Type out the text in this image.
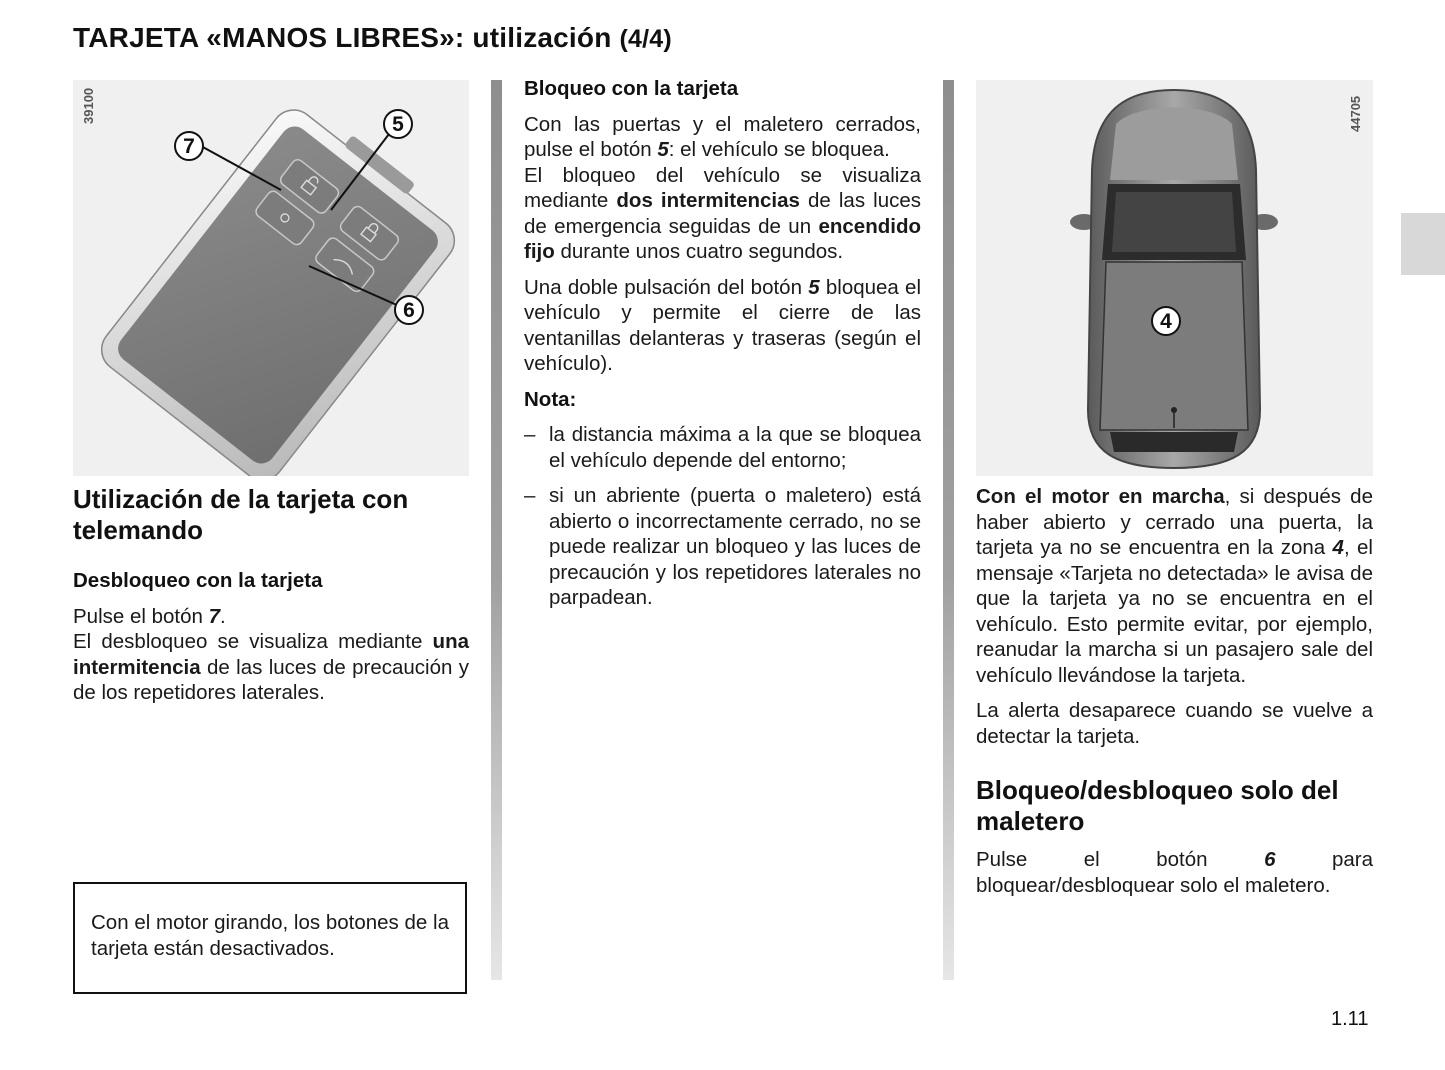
TARJETA «MANOS LIBRES»: utilización (4/4)
39100
7
5
6
Utilización de la tarjeta con telemando
Desbloqueo con la tarjeta

Pulse el botón 7.

El desbloqueo se visualiza mediante una intermitencia de las luces de precaución y de los repetidores laterales.

Con el motor girando, los botones de la tarjeta están desactivados.
Bloqueo con la tarjeta

Con las puertas y el maletero cerrados, pulse el botón 5: el vehículo se bloquea.

El bloqueo del vehículo se visualiza mediante dos intermitencias de las luces de emergencia seguidas de un encendido fijo durante unos cuatro segundos.

Una doble pulsación del botón 5 bloquea el vehículo y permite el cierre de las ventanillas delanteras y traseras (según el vehículo).

Nota:
– la distancia máxima a la que se bloquea el vehículo depende del entorno;
– si un abriente (puerta o maletero) está abierto o incorrectamente cerrado, no se puede realizar un bloqueo y las luces de precaución y los repetidores laterales no parpadean.
44705
4

Con el motor en marcha, si después de haber abierto y cerrado una puerta, la tarjeta ya no se encuentra en la zona 4, el mensaje «Tarjeta no detectada» le avisa de que la tarjeta ya no se encuentra en el vehículo. Esto permite evitar, por ejemplo, reanudar la marcha si un pasajero sale del vehículo llevándose la tarjeta.

La alerta desaparece cuando se vuelve a detectar la tarjeta.

Bloqueo/desbloqueo solo del maletero

Pulse el botón 6 para bloquear/desbloquear solo el maletero.

1.11
